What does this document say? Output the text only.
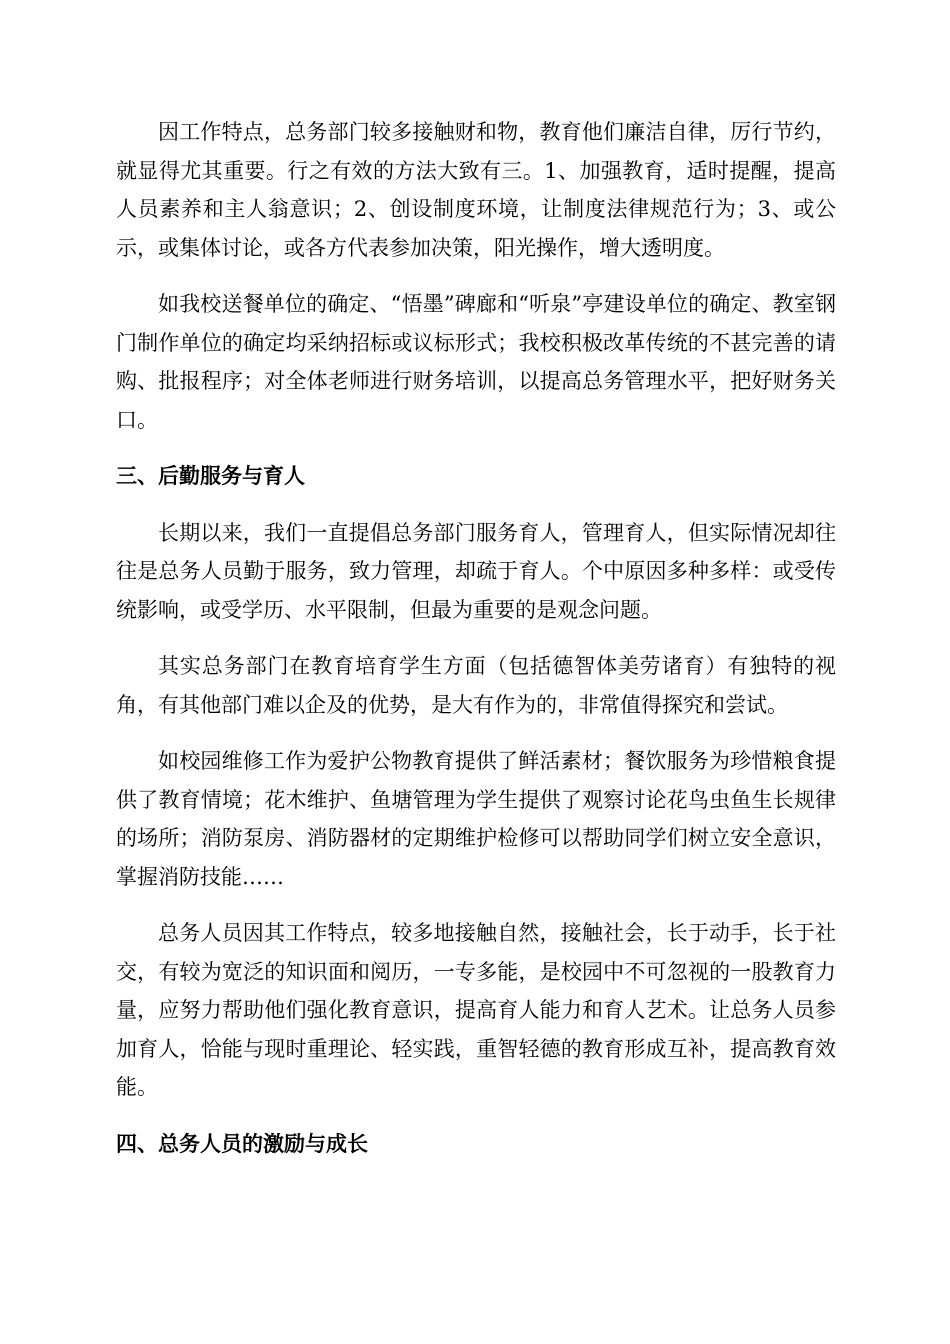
因工作特点，总务部门较多接触财和物，教育他们廉洁自律，厉行节约，就显得尤其重要。行之有效的方法大致有三。1、加强教育，适时提醒，提高人员素养和主人翁意识；2、创设制度环境，让制度法律规范行为；3、或公示，或集体讨论，或各方代表参加决策，阳光操作，增大透明度。

如我校送餐单位的确定、“悟墨”碑廊和“听泉”亭建设单位的确定、教室钢门制作单位的确定均采纳招标或议标形式；我校积极改革传统的不甚完善的请购、批报程序；对全体老师进行财务培训，以提高总务管理水平，把好财务关口。

三、后勤服务与育人

长期以来，我们一直提倡总务部门服务育人，管理育人，但实际情况却往往是总务人员勤于服务，致力管理，却疏于育人。个中原因多种多样：或受传统影响，或受学历、水平限制，但最为重要的是观念问题。

其实总务部门在教育培育学生方面（包括德智体美劳诸育）有独特的视角，有其他部门难以企及的优势，是大有作为的，非常值得探究和尝试。

如校园维修工作为爱护公物教育提供了鲜活素材；餐饮服务为珍惜粮食提供了教育情境；花木维护、鱼塘管理为学生提供了观察讨论花鸟虫鱼生长规律的场所；消防泵房、消防器材的定期维护检修可以帮助同学们树立安全意识，掌握消防技能……

总务人员因其工作特点，较多地接触自然，接触社会，长于动手，长于社交，有较为宽泛的知识面和阅历，一专多能，是校园中不可忽视的一股教育力量，应努力帮助他们强化教育意识，提高育人能力和育人艺术。让总务人员参加育人，恰能与现时重理论、轻实践，重智轻德的教育形成互补，提高教育效能。

四、总务人员的激励与成长
